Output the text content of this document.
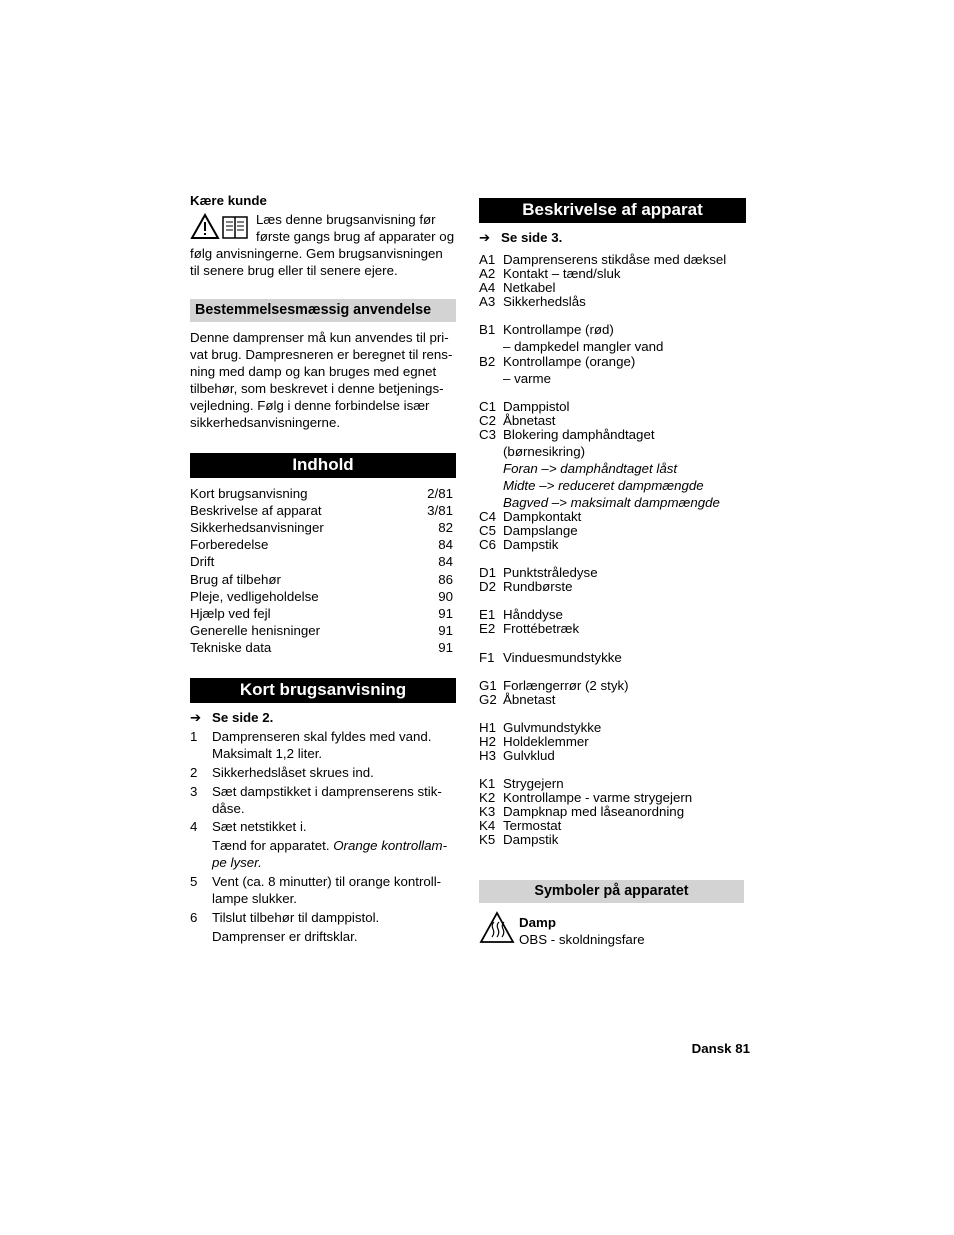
Kære kunde
Læs denne brugsanvisning før
første gangs brug af apparater og
følg anvisningerne. Gem brugsanvisningen
til senere brug eller til senere ejere.
Bestemmelsesmæssig anvendelse
Denne damprenser må kun anvendes til pri-
vat brug. Dampresneren er beregnet til rens-
ning med damp og kan bruges med egnet
tilbehør, som beskrevet i denne betjenings-
vejledning. Følg i denne forbindelse især
sikkerhedsanvisningerne.
Indhold
Kort brugsanvisning	2/81
Beskrivelse af apparat	3/81
Sikkerhedsanvisninger	82
Forberedelse	84
Drift	84
Brug af tilbehør	86
Pleje, vedligeholdelse	90
Hjælp ved fejl	91
Generelle henisninger	91
Tekniske data	91
Kort brugsanvisning
➔ Se side 2.
1 Damprenseren skal fyldes med vand.
Maksimalt 1,2 liter.
2 Sikkerhedslåset skrues ind.
3 Sæt dampstikket i damprenserens stik-
dåse.
4 Sæt netstikket i.
Tænd for apparatet. Orange kontrollam-
pe lyser.
5 Vent (ca. 8 minutter) til orange kontroll-
lampe slukker.
6 Tilslut tilbehør til damppistol.
Damprenser er driftsklar.
Beskrivelse af apparat
➔ Se side 3.
A1 Damprenserens stikdåse med dæksel
A2 Kontakt – tænd/sluk
A4 Netkabel
A3 Sikkerhedslås
B1 Kontrollampe (rød)
– dampkedel mangler vand
B2 Kontrollampe (orange)
– varme
C1 Damppistol
C2 Åbnetast
C3 Blokering damphåndtaget
(børnesikring)
Foran –> damphåndtaget låst
Midte –> reduceret dampmængde
Bagved –> maksimalt dampmængde
C4 Dampkontakt
C5 Dampslange
C6 Dampstik
D1 Punktstråledyse
D2 Rundbørste
E1 Hånddyse
E2 Frottébetræk
F1 Vinduesmundstykke
G1 Forlængerrør (2 styk)
G2 Åbnetast
H1 Gulvmundstykke
H2 Holdeklemmer
H3 Gulvklud
K1 Strygejern
K2 Kontrollampe - varme strygejern
K3 Dampknap med låseanordning
K4 Termostat
K5 Dampstik
Symboler på apparatet
Damp
OBS - skoldningsfare
Dansk 81
